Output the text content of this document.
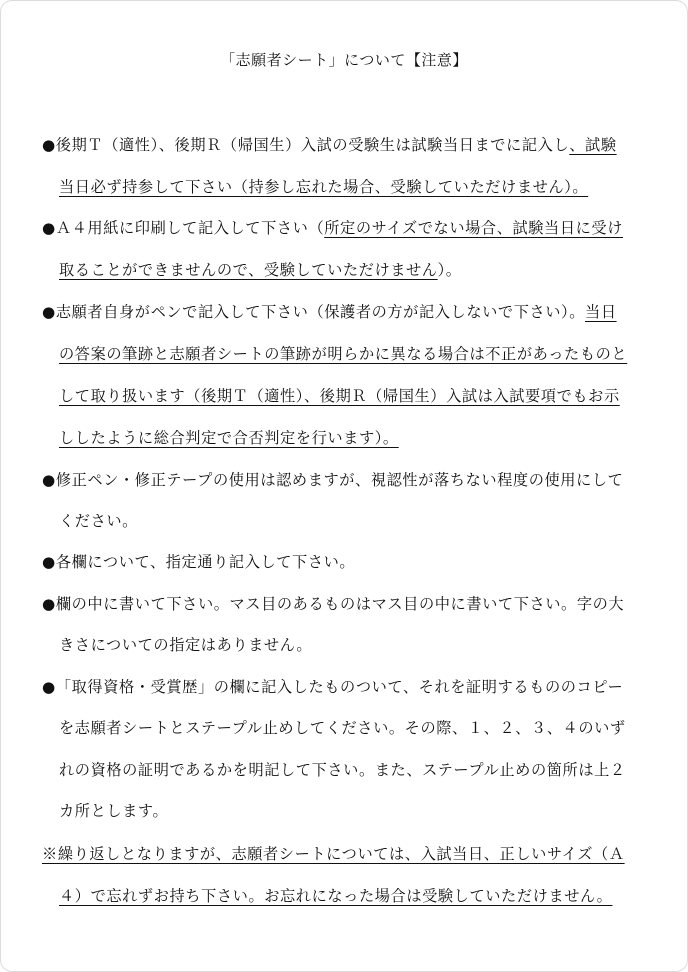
「志願者シート」について【注意】
●後期Ｔ（適性）、後期Ｒ（帰国生）入試の受験生は試験当日までに記入し、試験
当日必ず持参して下さい（持参し忘れた場合、受験していただけません）。
●Ａ４用紙に印刷して記入して下さい（所定のサイズでない場合、試験当日に受け
取ることができませんので、受験していただけません）。
●志願者自身がペンで記入して下さい（保護者の方が記入しないで下さい）。当日
の答案の筆跡と志願者シートの筆跡が明らかに異なる場合は不正があったものと
して取り扱います（後期Ｔ（適性）、後期Ｒ（帰国生）入試は入試要項でもお示
ししたように総合判定で合否判定を行います）。
●修正ペン・修正テープの使用は認めますが、視認性が落ちない程度の使用にして
ください。
●各欄について、指定通り記入して下さい。
●欄の中に書いて下さい。マス目のあるものはマス目の中に書いて下さい。字の大
きさについての指定はありません。
●「取得資格・受賞歴」の欄に記入したものついて、それを証明するもののコピー
を志願者シートとステープル止めしてください。その際、１、２、３、４のいず
れの資格の証明であるかを明記して下さい。また、ステープル止めの箇所は上２
カ所とします。
※繰り返しとなりますが、志願者シートについては、入試当日、正しいサイズ（Ａ
４）で忘れずお持ち下さい。お忘れになった場合は受験していただけません。
